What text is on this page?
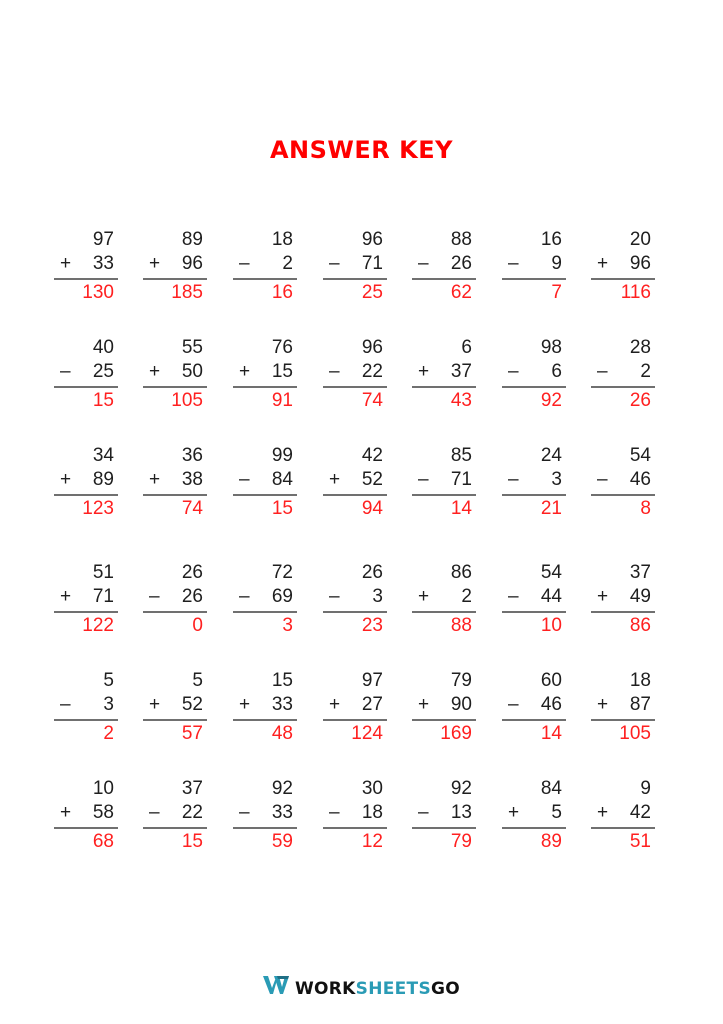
ANSWER KEY
97
+ 33
130
89
+ 96
185
18
– 2
16
96
– 71
25
88
– 26
62
16
– 9
7
20
+ 96
116
40
– 25
15
55
+ 50
105
76
+ 15
91
96
– 22
74
6
+ 37
43
98
– 6
92
28
– 2
26
34
+ 89
123
36
+ 38
74
99
– 84
15
42
+ 52
94
85
– 71
14
24
– 3
21
54
– 46
8
51
+ 71
122
26
– 26
0
72
– 69
3
26
– 3
23
86
+ 2
88
54
– 44
10
37
+ 49
86
5
– 3
2
5
+ 52
57
15
+ 33
48
97
+ 27
124
79
+ 90
169
60
– 46
14
18
+ 87
105
10
+ 58
68
37
– 22
15
92
– 33
59
30
– 18
12
92
– 13
79
84
+ 5
89
9
+ 42
51
WORKSHEETSGO
